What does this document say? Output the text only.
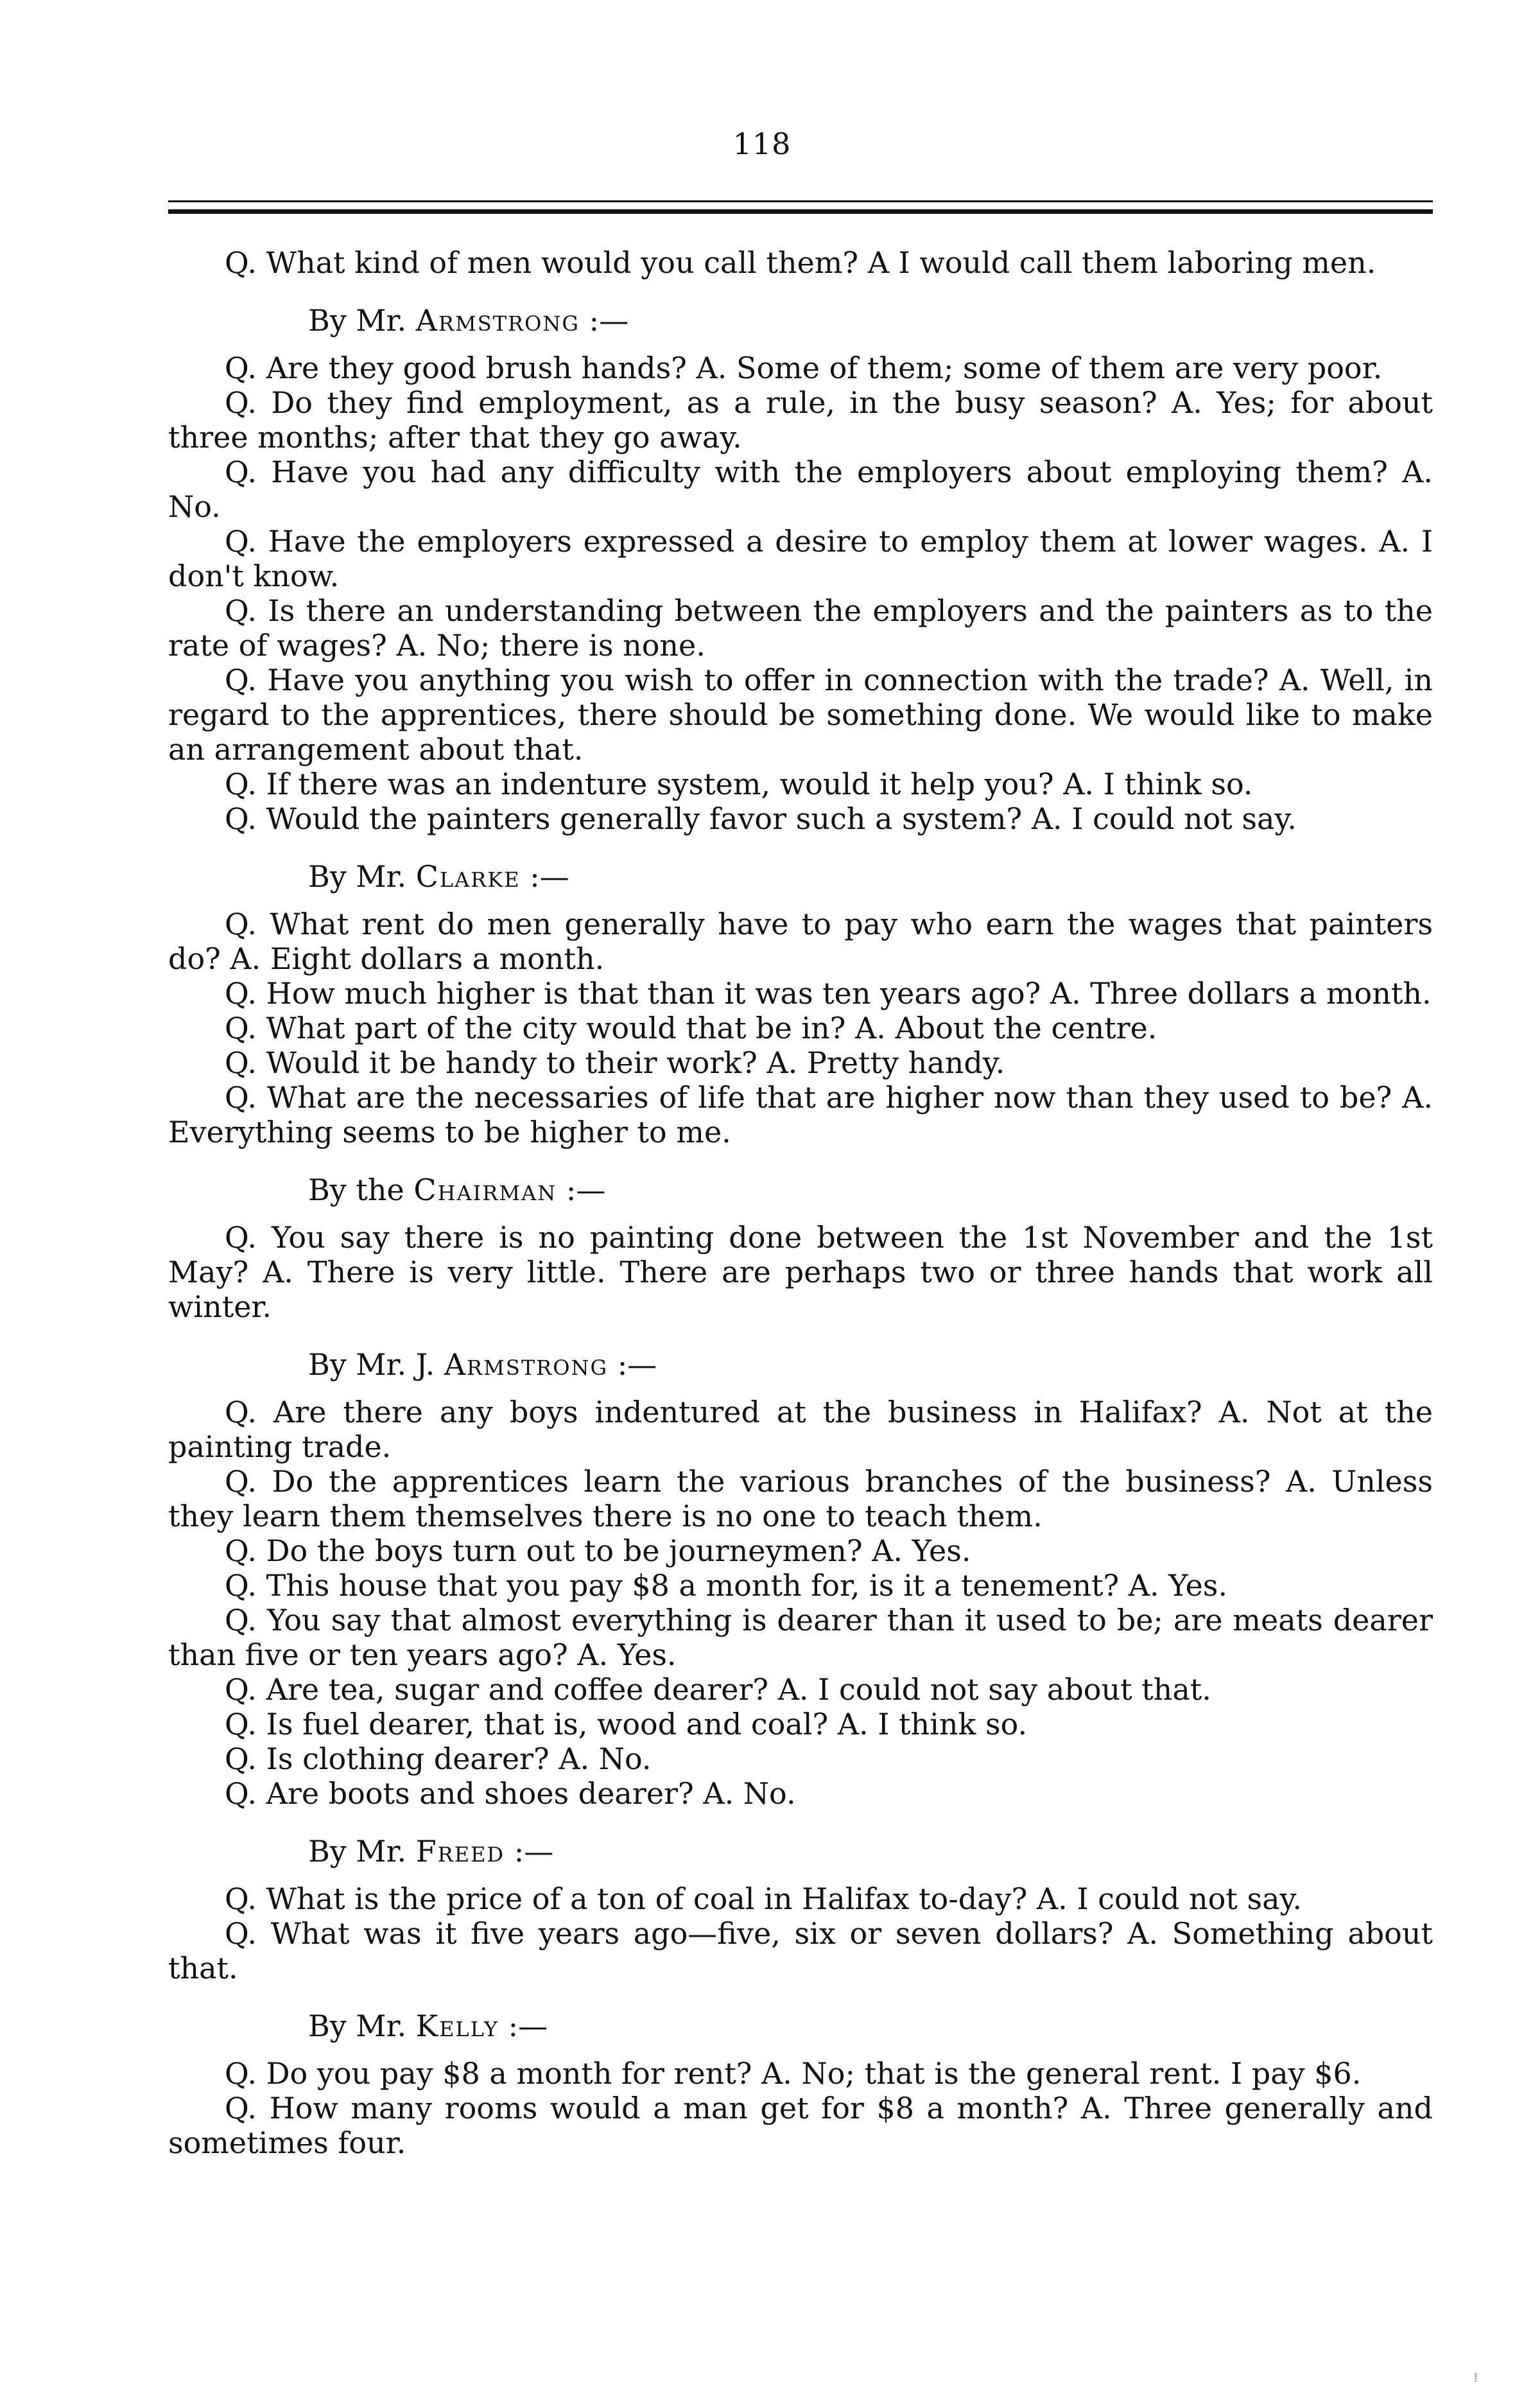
118

Q. What kind of men would you call them? A I would call them laboring men.

By Mr. Armstrong :—

Q. Are they good brush hands? A. Some of them; some of them are very poor.

Q. Do they find employment, as a rule, in the busy season? A. Yes; for about three months; after that they go away.

Q. Have you had any difficulty with the employers about employing them? A. No.

Q. Have the employers expressed a desire to employ them at lower wages. A. I don't know.

Q. Is there an understanding between the employers and the painters as to the rate of wages? A. No; there is none.

Q. Have you anything you wish to offer in connection with the trade? A. Well, in regard to the apprentices, there should be something done. We would like to make an arrangement about that.

Q. If there was an indenture system, would it help you? A. I think so.

Q. Would the painters generally favor such a system? A. I could not say.

By Mr. Clarke :—

Q. What rent do men generally have to pay who earn the wages that painters do? A. Eight dollars a month.

Q. How much higher is that than it was ten years ago? A. Three dollars a month.

Q. What part of the city would that be in? A. About the centre.

Q. Would it be handy to their work? A. Pretty handy.

Q. What are the necessaries of life that are higher now than they used to be? A. Everything seems to be higher to me.

By the Chairman :—

Q. You say there is no painting done between the 1st November and the 1st May? A. There is very little. There are perhaps two or three hands that work all winter.

By Mr. J. Armstrong :—

Q. Are there any boys indentured at the business in Halifax? A. Not at the painting trade.

Q. Do the apprentices learn the various branches of the business? A. Unless they learn them themselves there is no one to teach them.

Q. Do the boys turn out to be journeymen? A. Yes.

Q. This house that you pay $8 a month for, is it a tenement? A. Yes.

Q. You say that almost everything is dearer than it used to be; are meats dearer than five or ten years ago? A. Yes.

Q. Are tea, sugar and coffee dearer? A. I could not say about that.

Q. Is fuel dearer, that is, wood and coal? A. I think so.

Q. Is clothing dearer? A. No.

Q. Are boots and shoes dearer? A. No.

By Mr. Freed :—

Q. What is the price of a ton of coal in Halifax to-day? A. I could not say.

Q. What was it five years ago—five, six or seven dollars? A. Something about that.

By Mr. Kelly :—

Q. Do you pay $8 a month for rent? A. No; that is the general rent. I pay $6.

Q. How many rooms would a man get for $8 a month? A. Three generally and sometimes four.

⁞
